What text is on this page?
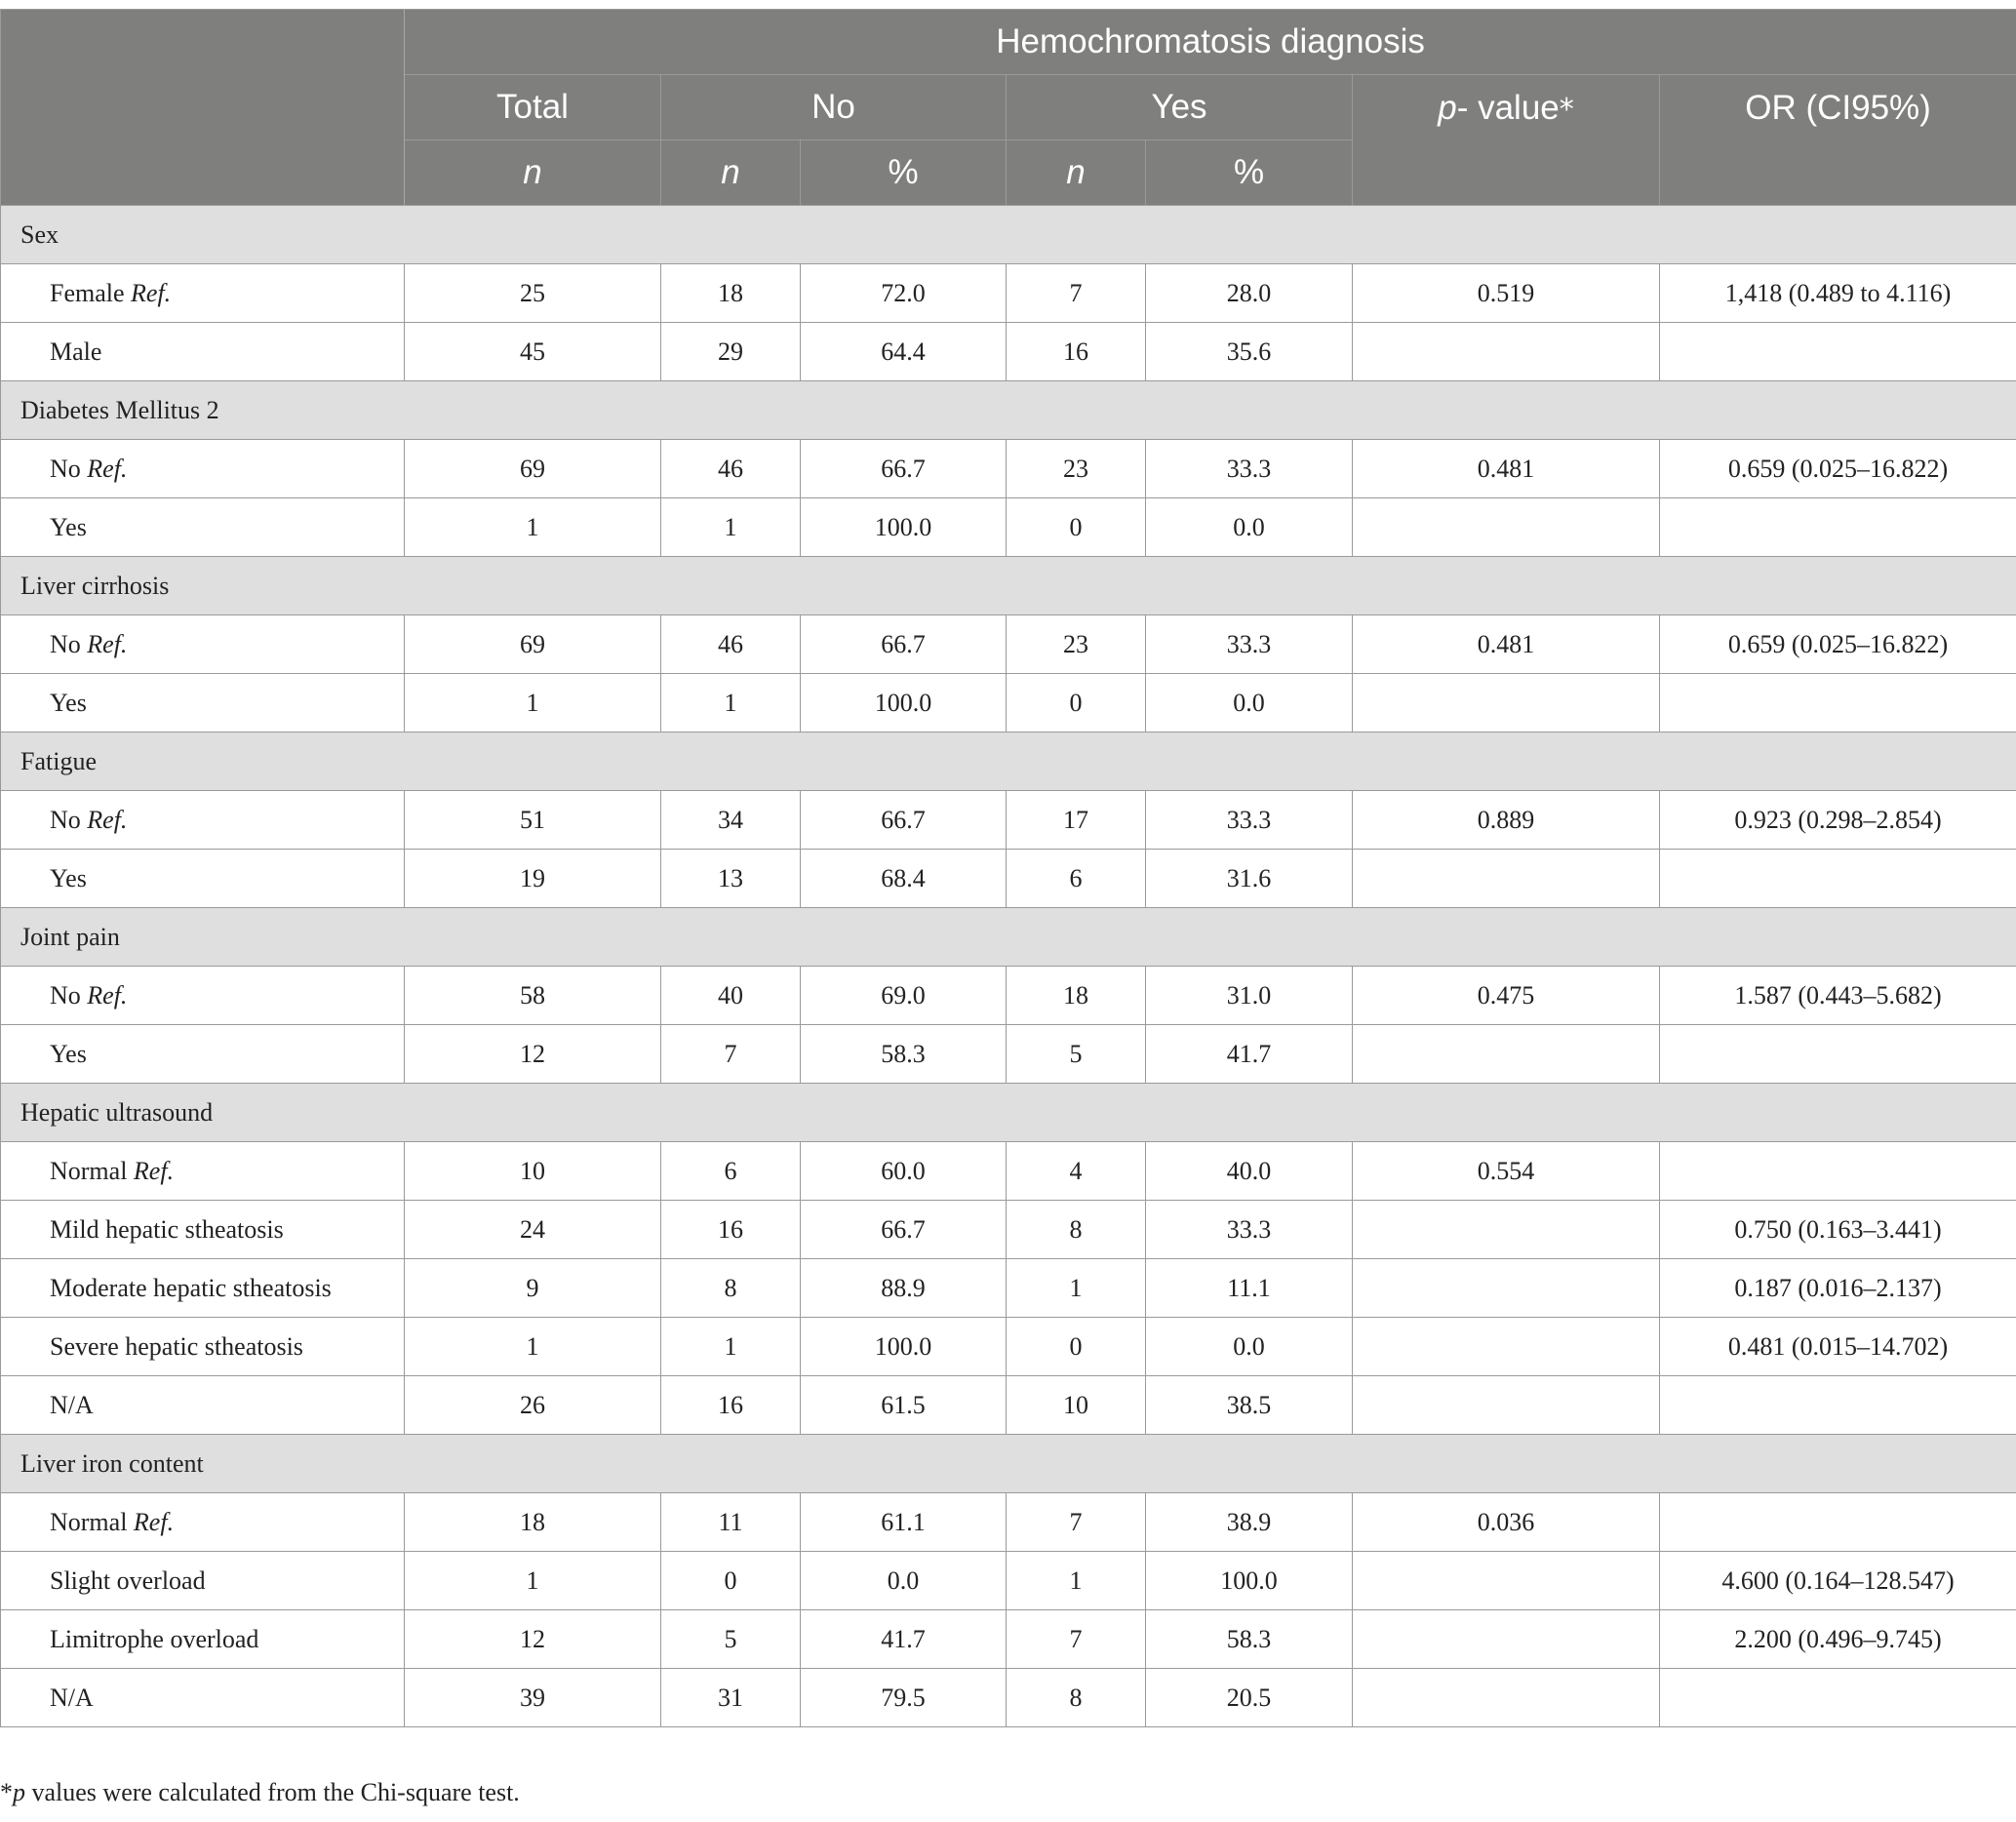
	Hemochromatosis diagnosis						
	Total	No		Yes		p- value*	OR (CI95%)
	n	n	%	n	%		
Sex							
Female Ref.	25	18	72.0	7	28.0	0.519	1,418 (0.489 to 4.116)
Male	45	29	64.4	16	35.6		
Diabetes Mellitus 2							
No Ref.	69	46	66.7	23	33.3	0.481	0.659 (0.025–16.822)
Yes	1	1	100.0	0	0.0		
Liver cirrhosis							
No Ref.	69	46	66.7	23	33.3	0.481	0.659 (0.025–16.822)
Yes	1	1	100.0	0	0.0		
Fatigue							
No Ref.	51	34	66.7	17	33.3	0.889	0.923 (0.298–2.854)
Yes	19	13	68.4	6	31.6		
Joint pain							
No Ref.	58	40	69.0	18	31.0	0.475	1.587 (0.443–5.682)
Yes	12	7	58.3	5	41.7		
Hepatic ultrasound							
Normal Ref.	10	6	60.0	4	40.0	0.554	
Mild hepatic stheatosis	24	16	66.7	8	33.3		0.750 (0.163–3.441)
Moderate hepatic stheatosis	9	8	88.9	1	11.1		0.187 (0.016–2.137)
Severe hepatic stheatosis	1	1	100.0	0	0.0		0.481 (0.015–14.702)
N/A	26	16	61.5	10	38.5		
Liver iron content							
Normal Ref.	18	11	61.1	7	38.9	0.036	
Slight overload	1	0	0.0	1	100.0		4.600 (0.164–128.547)
Limitrophe overload	12	5	41.7	7	58.3		2.200 (0.496–9.745)
N/A	39	31	79.5	8	20.5		
*p values were calculated from the Chi-square test.
